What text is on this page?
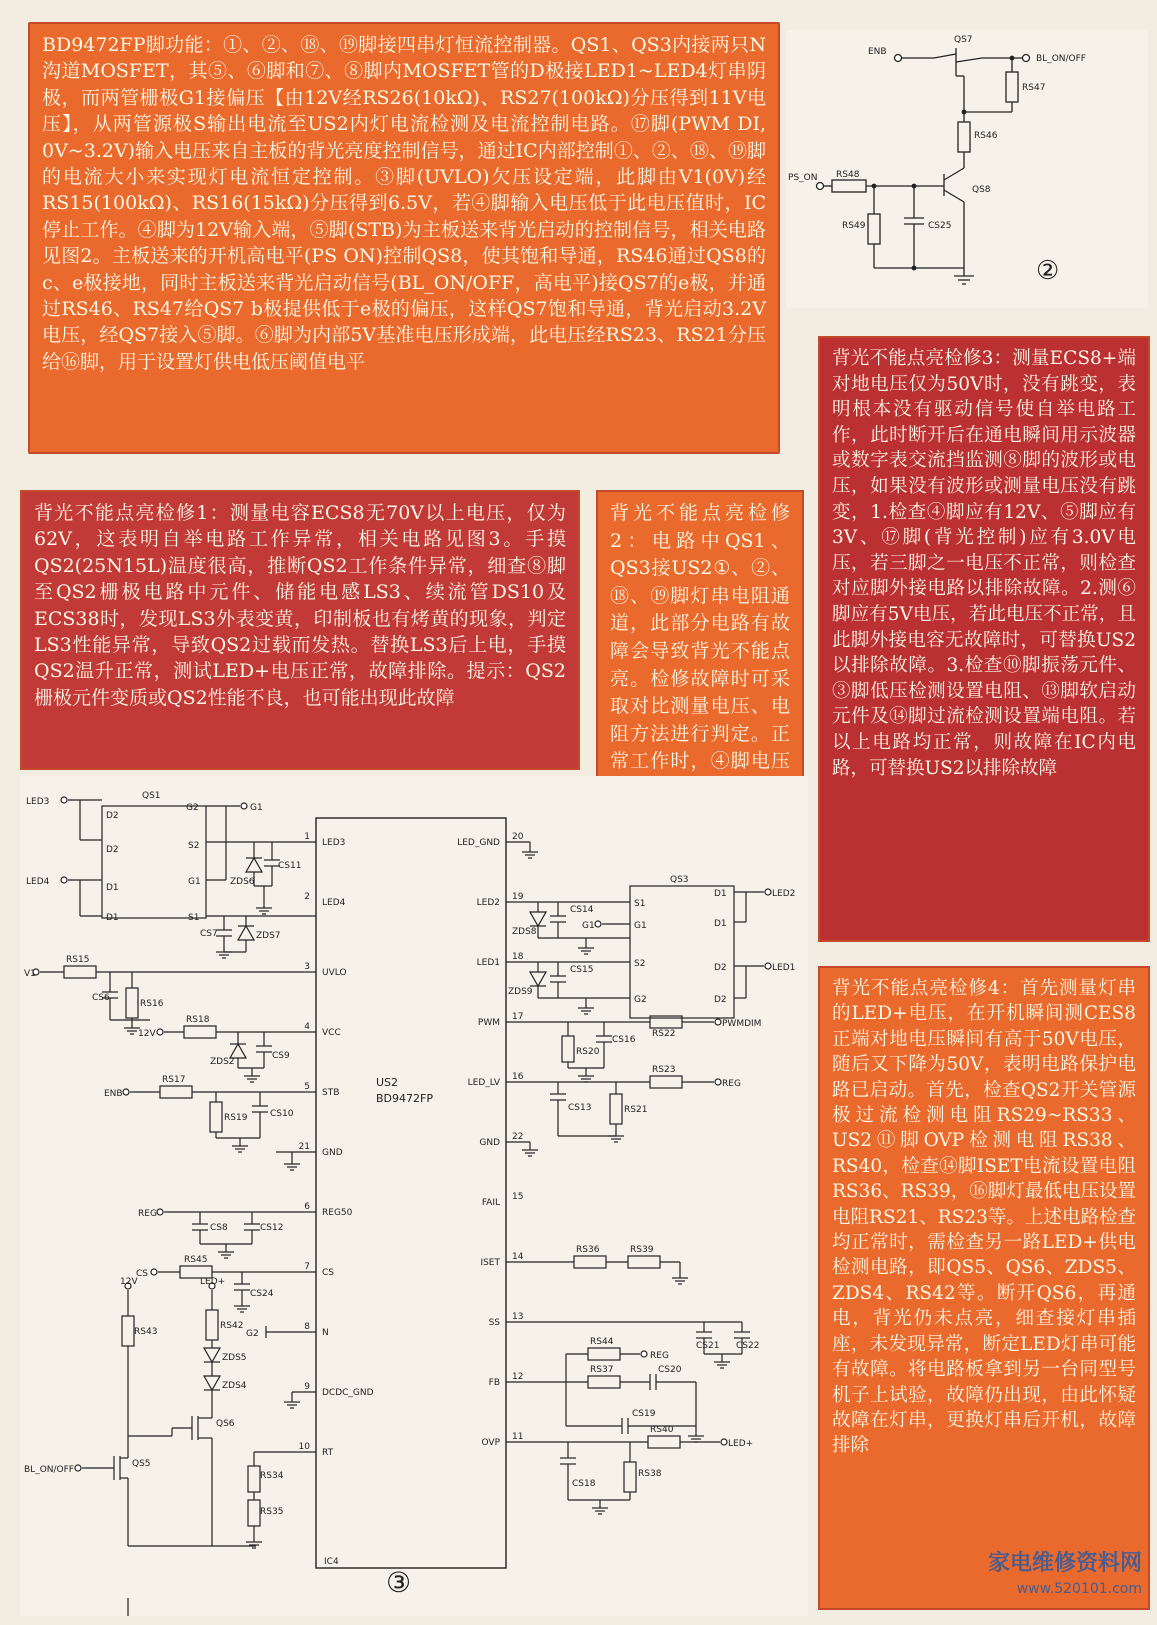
BD9472FP脚功能：①、②、⑱、⑲脚接四串灯恒流控制器。QS1、QS3内接两只N沟道MOSFET，其⑤、⑥脚和⑦、⑧脚内MOSFET管的D极接LED1~LED4灯串阴极，而两管栅极G1接偏压【由12V经RS26(10kΩ)、RS27(100kΩ)分压得到11V电压】，从两管源极S输出电流至US2内灯电流检测及电流控制电路。⑰脚(PWM DI, 0V~3.2V)输入电压来自主板的背光亮度控制信号，通过IC内部控制①、②、⑱、⑲脚的电流大小来实现灯电流恒定控制。③脚(UVLO)欠压设定端，此脚由V1(0V)经RS15(100kΩ)、RS16(15kΩ)分压得到6.5V，若④脚输入电压低于此电压值时，IC停止工作。④脚为12V输入端，⑤脚(STB)为主板送来背光启动的控制信号，相关电路见图2。主板送来的开机高电平(PS ON)控制QS8，使其饱和导通，RS46通过QS8的c、e极接地，同时主板送来背光启动信号(BL_ON/OFF，高电平)接QS7的e极，并通过RS46、RS47给QS7 b极提供低于e极的偏压，这样QS7饱和导通，背光启动3.2V电压，经QS7接入⑤脚。⑥脚为内部5V基准电压形成端，此电压经RS23、RS21分压给⑯脚，用于设置灯供电低压阈值电平
ENB
QS7
BL_ON/OFF
RS47
RS46
PS_ON RS48
QS8
RS49	CS25
②
背光不能点亮检修3：测量ECS8+端对地电压仅为50V时，没有跳变，表明根本没有驱动信号使自举电路工作，此时断开后在通电瞬间用示波器或数字表交流挡监测⑧脚的波形或电压，如果没有波形或测量电压没有跳变，1.检查④脚应有12V、⑤脚应有3V、⑰脚(背光控制)应有3.0V电压，若三脚之一电压不正常，则检查对应脚外接电路以排除故障。2.测⑥脚应有5V电压，若此电压不正常，且此脚外接电容无故障时，可替换US2以排除故障。3.检查⑩脚振荡元件、③脚低压检测设置电阻、⑬脚软启动元件及⑭脚过流检测设置端电阻。若以上电路均正常，则故障在IC内电路，可替换US2以排除故障
背光不能点亮检修1：测量电容ECS8无70V以上电压，仅为62V，这表明自举电路工作异常，相关电路见图3。手摸QS2(25N15L)温度很高，推断QS2工作条件异常，细查⑧脚至QS2栅极电路中元件、储能电感LS3、续流管DS10及ECS38时，发现LS3外表变黄，印制板也有烤黄的现象，判定LS3性能异常，导致QS2过载而发热。替换LS3后上电，手摸QS2温升正常，测试LED+电压正常，故障排除。提示：QS2栅极元件变质或QS2性能不良，也可能出现此故障
背光不能点亮检修2：电路中QS1、QS3接US2①、②、⑱、⑲脚灯串电阻通道，此部分电路有故障会导致背光不能点亮。检修故障时可采取对比测量电压、电阻方法进行判定。正常工作时，④脚电压
背光不能点亮检修4：首先测量灯串的LED+电压，在开机瞬间测CES8正端对地电压瞬间有高于50V电压，随后又下降为50V，表明电路保护电路已启动。首先，检查QS2开关管源极过流检测电阻RS29~RS33、US2⑪脚OVP检测电阻RS38、RS40，检查⑭脚ISET电流设置电阻RS36、RS39，⑯脚灯最低电压设置电阻RS21、RS23等。上述电路检查均正常时，需检查另一路LED+供电检测电路，即QS5、QS6、ZDS5、ZDS4、RS42等。断开QS6，再通电，背光仍未点亮，细查接灯串插座，未发现异常，断定LED灯串可能有故障。将电路板拿到另一台同型号机子上试验，故障仍出现，由此怀疑故障在灯串，更换灯串后开机，故障排除
家电维修资料网
www.520101.com
1
LED3
2
LED4
3
UVLO
4
VCC
5
STB
21
GND
6
REG50
7
CS
8
N
9
DCDC_GND
10
RT
20
LED_GND
19
LED2
18
LED1
17
PWM
16
LED_LV
22
GND
15
FAIL
14
ISET
13
SS
12
FB
11
OVP
US2
BD9472FP
IC4
QS1
D2
D2
D1
D1
G2
S2
G1
S1
QS3
S1
G1
S2
G2
D1
D1
D2
D2
LED3
LED4
G1
CS11
ZDS6
CS7	ZDS7
V1
RS15
CS6
RS16
12V
RS18
ZDS2
CS9
ENB
RS17
RS19	CS10
REG
CS8	CS12
CS
RS45
CS24
G2
12V
RS43
LED+
RS42
ZDS5
ZDS4
QS6
QS5
BL_ON/OFF
RS34
RS35
CS14
ZDS8
CS15
ZDS9
G1
LED2
LED1
PWMDIM
RS20
CS16
RS22
RS23
REG
CS13	RS21
RS36	RS39
CS21 CS22
RS44
REG
RS37	CS20
CS19
RS40
LED+
CS18
RS38
③
